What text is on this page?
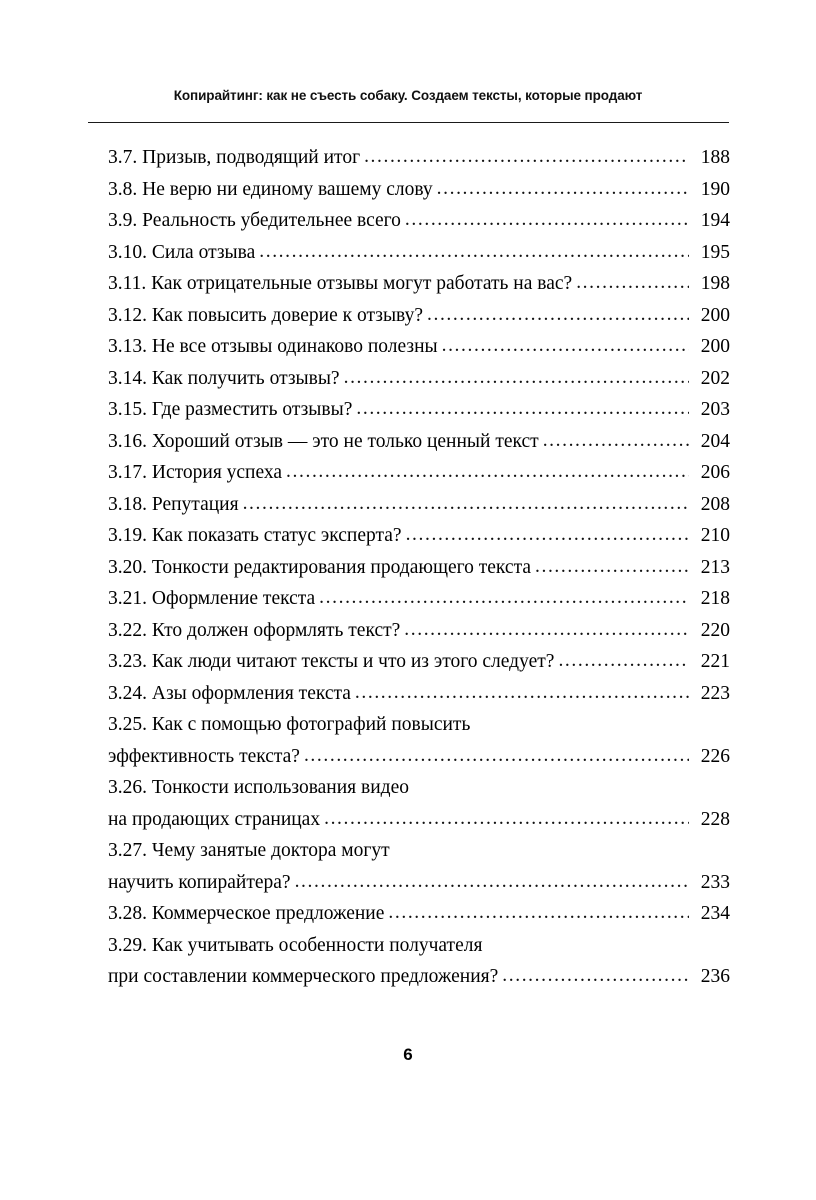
Копирайтинг: как не съесть собаку. Создаем тексты, которые продают
3.7. Призыв, подводящий итог .....	188
3.8. Не верю ни единому вашему слову .....	190
3.9. Реальность убедительнее всего .....	194
3.10. Сила отзыва .....	195
3.11. Как отрицательные отзывы могут работать на вас? .....	198
3.12. Как повысить доверие к отзыву? .....	200
3.13. Не все отзывы одинаково полезны .....	200
3.14. Как получить отзывы? .....	202
3.15. Где разместить отзывы? .....	203
3.16. Хороший отзыв — это не только ценный текст .....	204
3.17. История успеха .....	206
3.18. Репутация .....	208
3.19. Как показать статус эксперта? .....	210
3.20. Тонкости редактирования продающего текста .....	213
3.21. Оформление текста .....	218
3.22. Кто должен оформлять текст? .....	220
3.23. Как люди читают тексты и что из этого следует? .....	221
3.24. Азы оформления текста .....	223
3.25. Как с помощью фотографий повысить
эффективность текста? .....	226
3.26. Тонкости использования видео
на продающих страницах .....	228
3.27. Чему занятые доктора могут
научить копирайтера? .....	233
3.28. Коммерческое предложение .....	234
3.29. Как учитывать особенности получателя
при составлении коммерческого предложения? .....	236
6
